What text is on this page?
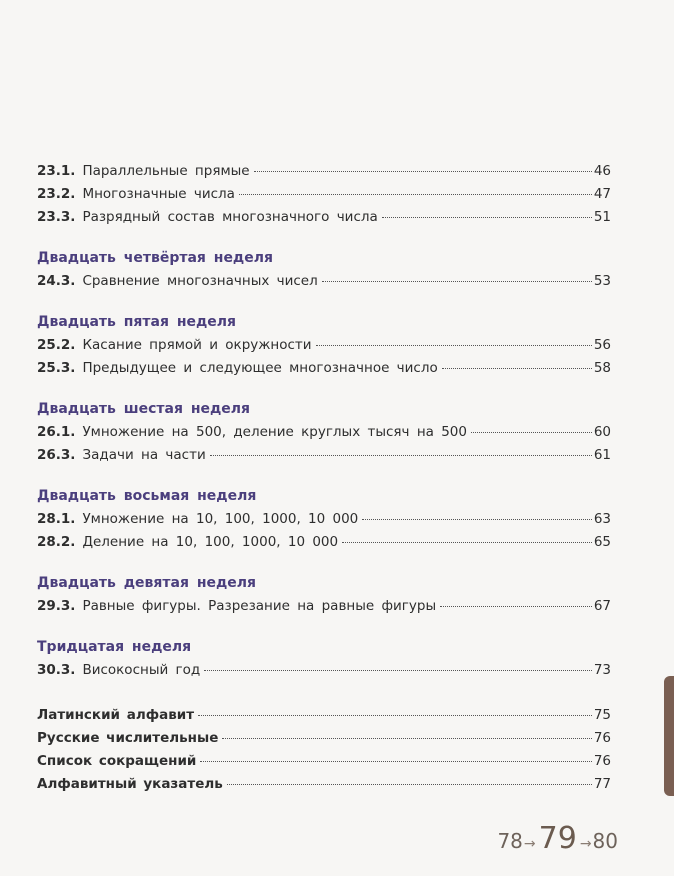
23.1. Параллельные прямые	46
23.2. Многозначные числа	47
23.3. Разрядный состав многозначного числа	51
Двадцать четвёртая неделя
24.3. Сравнение многозначных чисел	53
Двадцать пятая неделя
25.2. Касание прямой и окружности	56
25.3. Предыдущее и следующее многозначное число	58
Двадцать шестая неделя
26.1. Умножение на 500, деление круглых тысяч на 500	60
26.3. Задачи на части	61
Двадцать восьмая неделя
28.1. Умножение на 10, 100, 1000, 10 000	63
28.2. Деление на 10, 100, 1000, 10 000	65
Двадцать девятая неделя
29.3. Равные фигуры. Разрезание на равные фигуры	67
Тридцатая неделя
30.3. Високосный год	73
Латинский алфавит	75
Русские числительные	76
Список сокращений	76
Алфавитный указатель	77
78 → 79 → 80
